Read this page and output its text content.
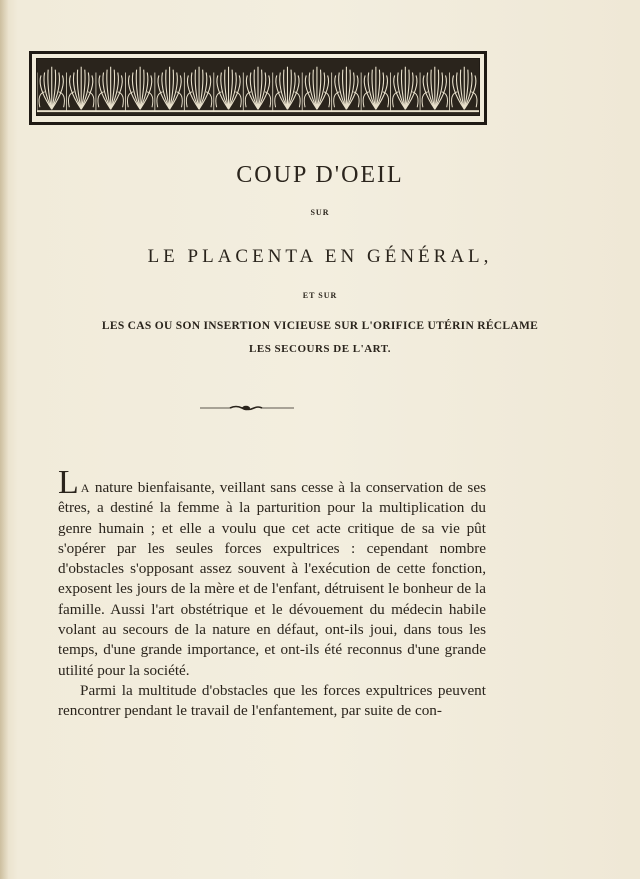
COUP D'OEIL
SUR
LE PLACENTA EN GÉNÉRAL,
ET SUR
LES CAS OU SON INSERTION VICIEUSE SUR L'ORIFICE UTÉRIN RÉCLAME
LES SECOURS DE L'ART.

L A nature bienfaisante, veillant sans cesse à la conservation de ses êtres, a destiné la femme à la parturition pour la multiplication du genre humain ; et elle a voulu que cet acte critique de sa vie pût s'opérer par les seules forces expultrices : cependant nombre d'obstacles s'opposant assez souvent à l'exécution de cette fonction, exposent les jours de la mère et de l'enfant, détruisent le bonheur de la famille. Aussi l'art obstétrique et le dévouement du médecin habile volant au secours de la nature en défaut, ont-ils joui, dans tous les temps, d'une grande importance, et ont-ils été reconnus d'une grande utilité pour la société.

Parmi la multitude d'obstacles que les forces expultrices peuvent rencontrer pendant le travail de l'enfantement, par suite de con-
